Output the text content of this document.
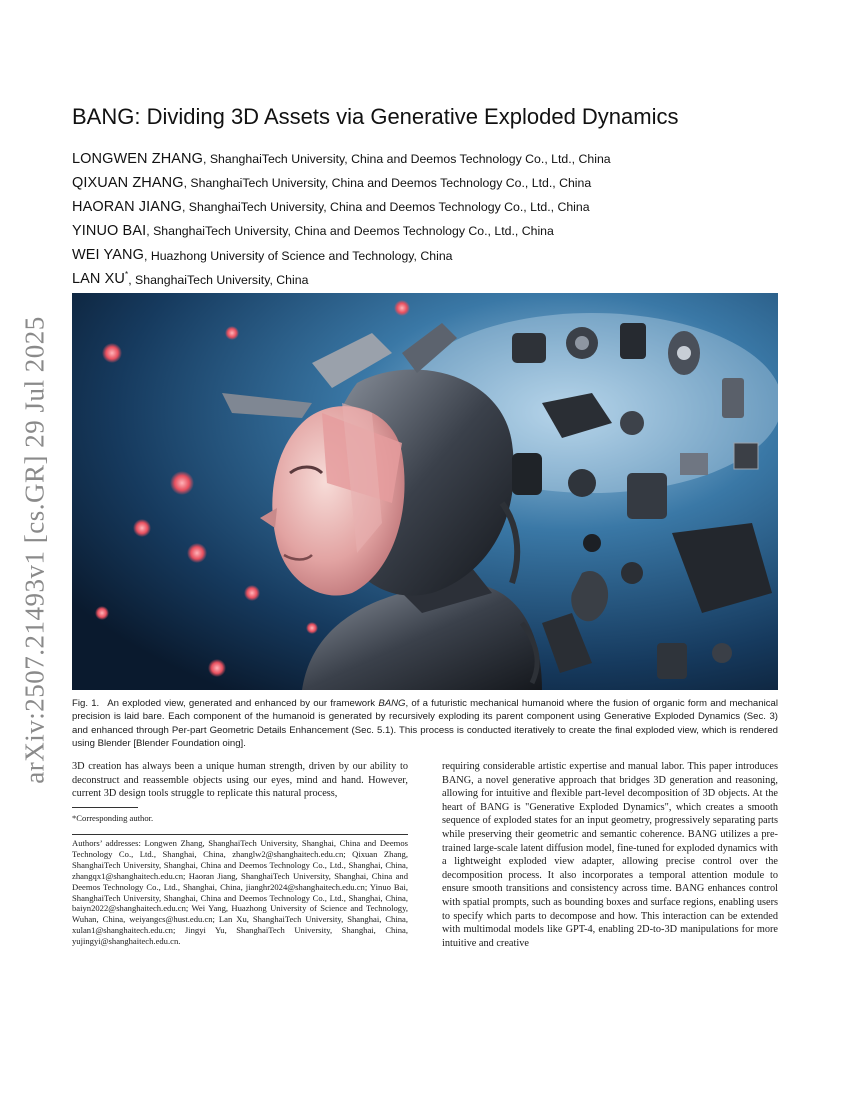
arXiv:2507.21493v1 [cs.GR] 29 Jul 2025
BANG: Dividing 3D Assets via Generative Exploded Dynamics
LONGWEN ZHANG, ShanghaiTech University, China and Deemos Technology Co., Ltd., China
QIXUAN ZHANG, ShanghaiTech University, China and Deemos Technology Co., Ltd., China
HAORAN JIANG, ShanghaiTech University, China and Deemos Technology Co., Ltd., China
YINUO BAI, ShanghaiTech University, China and Deemos Technology Co., Ltd., China
WEI YANG, Huazhong University of Science and Technology, China
LAN XU*, ShanghaiTech University, China
Fig. 1. An exploded view, generated and enhanced by our framework BANG, of a futuristic mechanical humanoid where the fusion of organic form and mechanical precision is laid bare. Each component of the humanoid is generated by recursively exploding its parent component using Generative Exploded Dynamics (Sec. 3) and enhanced through Per-part Geometric Details Enhancement (Sec. 5.1). This process is conducted iteratively to create the final exploded view, which is rendered using Blender [Blender Foundation oing].

3D creation has always been a unique human strength, driven by our ability to deconstruct and reassemble objects using our eyes, mind and hand. However, current 3D design tools struggle to replicate this natural process,

*Corresponding author.
Authors’ addresses: Longwen Zhang, ShanghaiTech University, Shanghai, China and Deemos Technology Co., Ltd., Shanghai, China, zhanglw2@shanghaitech.edu.cn; Qixuan Zhang, ShanghaiTech University, Shanghai, China and Deemos Technology Co., Ltd., Shanghai, China, zhangqx1@shanghaitech.edu.cn; Haoran Jiang, ShanghaiTech University, Shanghai, China and Deemos Technology Co., Ltd., Shanghai, China, jianghr2024@shanghaitech.edu.cn; Yinuo Bai, ShanghaiTech University, Shanghai, China and Deemos Technology Co., Ltd., Shanghai, China, baiyn2022@shanghaitech.edu.cn; Wei Yang, Huazhong University of Science and Technology, Wuhan, China, weiyangcs@hust.edu.cn; Lan Xu, ShanghaiTech University, Shanghai, China, xulan1@shanghaitech.edu.cn; Jingyi Yu, ShanghaiTech University, Shanghai, China, yujingyi@shanghaitech.edu.cn.

requiring considerable artistic expertise and manual labor. This paper introduces BANG, a novel generative approach that bridges 3D generation and reasoning, allowing for intuitive and flexible part-level decomposition of 3D objects. At the heart of BANG is "Generative Exploded Dynamics", which creates a smooth sequence of exploded states for an input geometry, progressively separating parts while preserving their geometric and semantic coherence. BANG utilizes a pre-trained large-scale latent diffusion model, fine-tuned for exploded dynamics with a lightweight exploded view adapter, allowing precise control over the decomposition process. It also incorporates a temporal attention module to ensure smooth transitions and consistency across time. BANG enhances control with spatial prompts, such as bounding boxes and surface regions, enabling users to specify which parts to decompose and how. This interaction can be extended with multimodal models like GPT-4, enabling 2D-to-3D manipulations for more intuitive and creative
